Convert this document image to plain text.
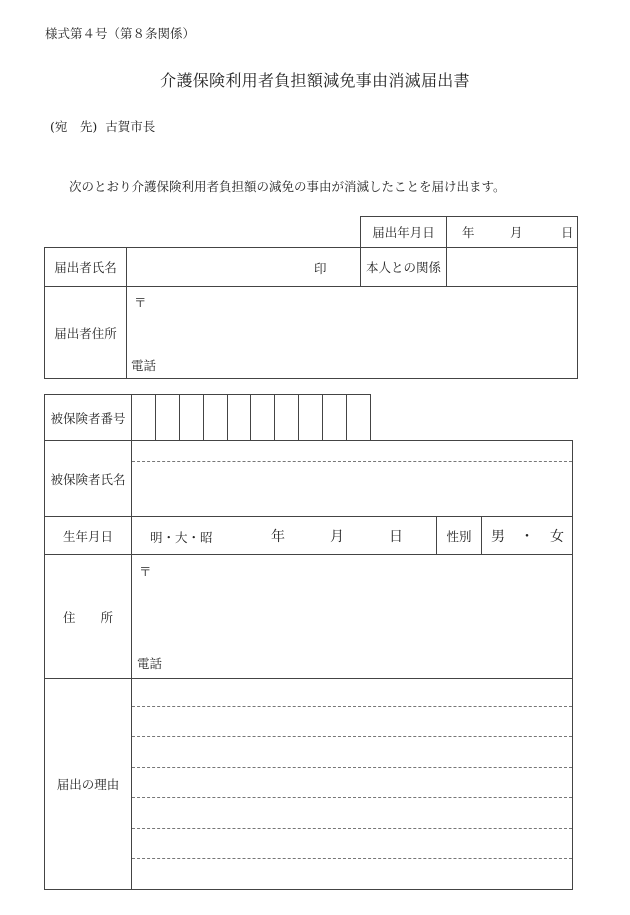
様式第４号（第８条関係）
介護保険利用者負担額減免事由消滅届出書
(宛　先) 古賀市長
次のとおり介護保険利用者負担額の減免の事由が消滅したことを届け出ます。
届出年月日	年	月	日
届出者氏名	印	本人との関係
届出者住所
〒
電話
被保険者番号
被保険者氏名
生年月日	明・大・昭	年	月	日	性別	男 ・ 女
住　　所
〒
電話
届出の理由
